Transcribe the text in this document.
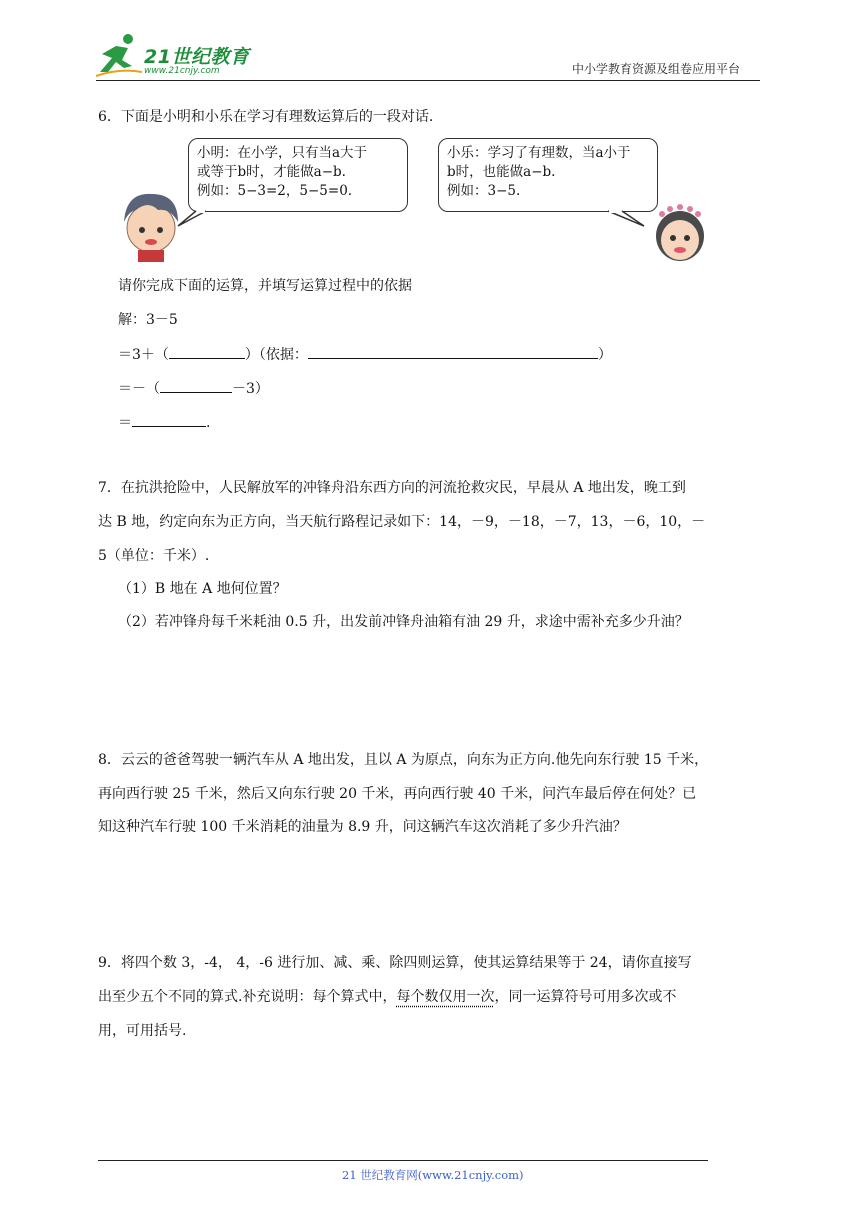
21世纪教育
www.21cnjy.com	中小学教育资源及组卷应用平台
6．下面是小明和小乐在学习有理数运算后的一段对话．
小明：在小学，只有当a大于
或等于b时，才能做a−b.
例如：5−3=2，5−5=0.
小乐：学习了有理数，当a小于
b时，也能做a−b.
例如：3−5.
请你完成下面的运算，并填写运算过程中的依据
解：3－5
＝3＋（	）（依据：	）
＝－（	－3）
＝	.
7．在抗洪抢险中，人民解放军的冲锋舟沿东西方向的河流抢救灾民，早晨从 A 地出发，晚工到
达 B 地，约定向东为正方向，当天航行路程记录如下：14，－9，－18，－7，13，－6，10，－
5（单位：千米）.
（1）B 地在 A 地何位置？
（2）若冲锋舟每千米耗油 0.5 升，出发前冲锋舟油箱有油 29 升，求途中需补充多少升油？
8．云云的爸爸驾驶一辆汽车从 A 地出发，且以 A 为原点，向东为正方向.他先向东行驶 15 千米，
再向西行驶 25 千米，然后又向东行驶 20 千米，再向西行驶 40 千米，问汽车最后停在何处？已
知这种汽车行驶 100 千米消耗的油量为 8.9 升，问这辆汽车这次消耗了多少升汽油？
9．将四个数 3，-4， 4，-6 进行加、减、乘、除四则运算，使其运算结果等于 24，请你直接写
出至少五个不同的算式.补充说明：每个算式中，每个数仅用一次，同一运算符号可用多次或不
用，可用括号.
21 世纪教育网(www.21cnjy.com)
